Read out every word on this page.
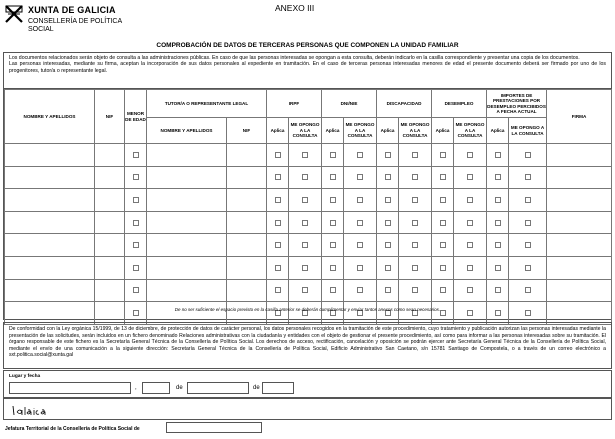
XUNTA DE GALICIA
CONSELLERÍA DE POLÍTICA
SOCIAL
ANEXO III
COMPROBACIÓN DE DATOS DE TERCERAS PERSONAS QUE COMPONEN LA UNIDAD FAMILIAR

Los documentos relacionados serán objeto de consulta a las administraciones públicas. En caso de que las personas interesadas se opongan a esta consulta, deberán indicarlo en la casilla correspondiente y presentar una copia de los documentos.

Las personas interesadas, mediante su firma, aceptan la incorporación de sus datos personales al expediente en tramitación. En el caso de terceras personas interesadas menores de edad el presente documento deberá ser firmado por uno de los progenitores, tutor/a o representante legal.

NOMBRE Y APELLIDOS	NIF	MENOR DE EDAD	TUTOR/A O REPRESENTANTE LEGAL		IRPF		DNI/NIE		DISCAPACIDAD		DESEMPLEO		IMPORTES DE PRESTACIONES POR DESEMPLEO PERCIBIDOS A FECHA ACTUAL		FIRMA
			NOMBRE Y APELLIDOS	NIF	Aplica	ME OPONGO A LA CONSULTA	Aplica	ME OPONGO A LA CONSULTA	Aplica	ME OPONGO A LA CONSULTA	Aplica	ME OPONGO A LA CONSULTA	Aplica	ME OPONGO A LA CONSULTA	

De no ser suficiente el espacio previsto en la casilla anterior se deberán cumplimentar y enviar tantos anexos como sean necesarios.
De conformidad con la Ley orgánica 15/1999, de 13 de diciembre, de protección de datos de carácter personal, los datos personales recogidos en la tramitación de este procedimiento, cuyo tratamiento y publicación autorizan las personas interesadas mediante la presentación de las solicitudes, serán incluidos en un fichero denominado Relaciones administrativas con la ciudadanía y entidades con el objeto de gestionar el presente procedimiento, así como para informar a las personas interesadas sobre su tramitación. El órgano responsable de este fichero es la Secretaría General Técnica de la Consellería de Política Social. Los derechos de acceso, rectificación, cancelación y oposición se podrán ejercer ante Secretaría General Técnica de la Consellería de Política Social, mediante el envío de una comunicación a la siguiente dirección: Secretaría General Técnica de la Consellería de Política Social, Edificio Administrativo San Caetano, s/n 15781 Santiago de Compostela, o a través de un correo electrónico a sxt.politica.social@xunta.gal
Lugar y fecha
,	de	de
Jefatura Territorial de la Consellería de Política Social de
